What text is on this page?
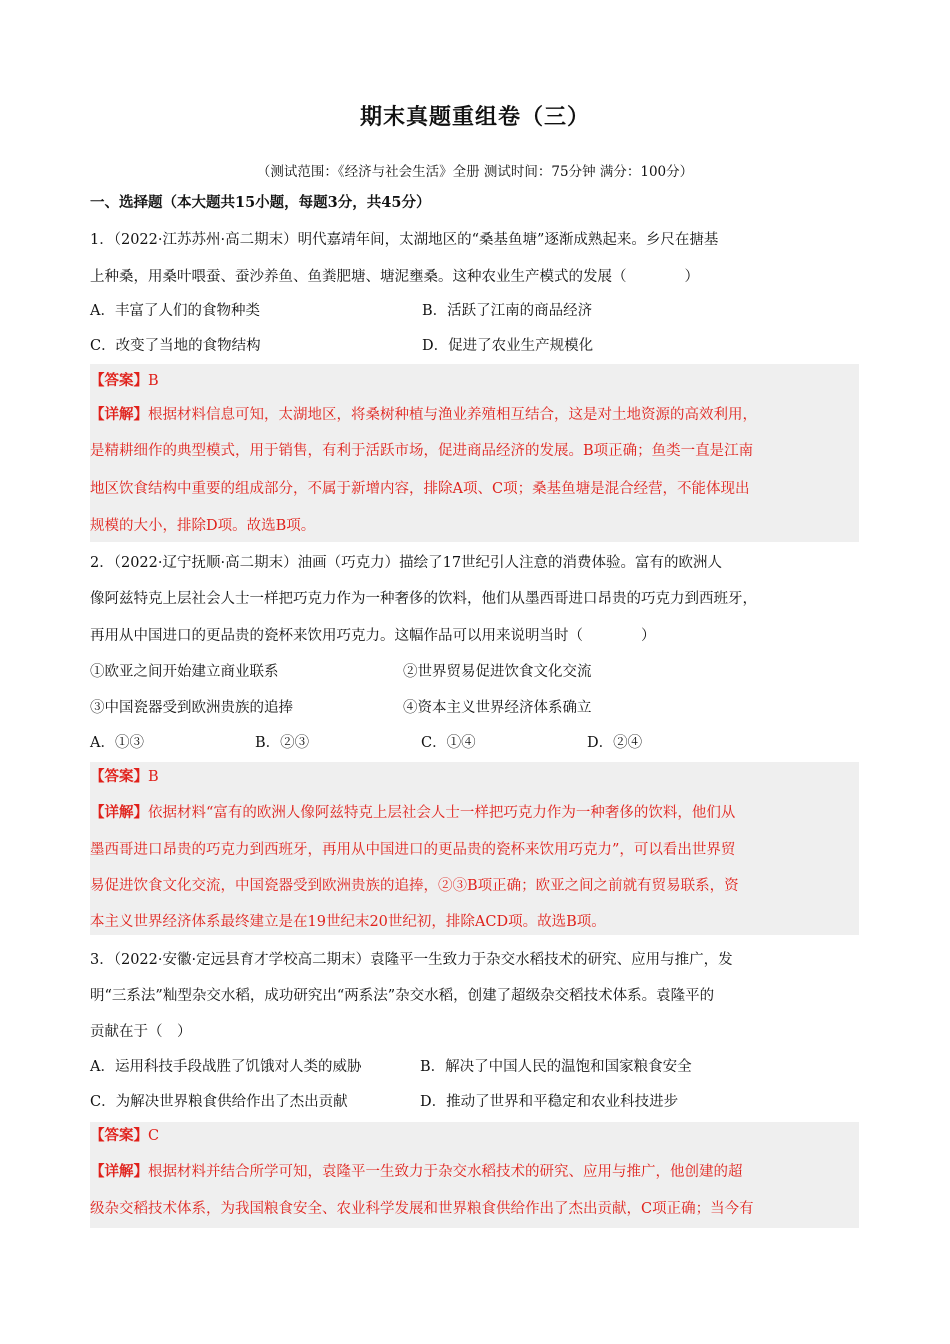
期末真题重组卷（三）
（测试范围：《经济与社会生活》全册 测试时间：75分钟 满分：100分）
一、选择题（本大题共15小题，每题3分，共45分）
1．（2022·江苏苏州·高二期末）明代嘉靖年间，太湖地区的“桑基鱼塘”逐渐成熟起来。乡尺在搪基
上种桑，用桑叶喂蚕、蚕沙养鱼、鱼粪肥塘、塘泥壅桑。这种农业生产模式的发展（　　　　）
A．丰富了人们的食物种类	B．活跃了江南的商品经济
C．改变了当地的食物结构	D．促进了农业生产规模化
【答案】B
【详解】根据材料信息可知，太湖地区，将桑树种植与渔业养殖相互结合，这是对土地资源的高效利用，
是精耕细作的典型模式，用于销售，有利于活跃市场，促进商品经济的发展。B项正确；鱼类一直是江南
地区饮食结构中重要的组成部分，不属于新增内容，排除A项、C项；桑基鱼塘是混合经营，不能体现出
规模的大小，排除D项。故选B项。
2．（2022·辽宁抚顺·高二期末）油画（巧克力）描绘了17世纪引人注意的消费体验。富有的欧洲人
像阿兹特克上层社会人士一样把巧克力作为一种奢侈的饮料，他们从墨西哥进口昂贵的巧克力到西班牙，
再用从中国进口的更品贵的瓷杯来饮用巧克力。这幅作品可以用来说明当时（　　　　）
①欧亚之间开始建立商业联系	②世界贸易促进饮食文化交流
③中国瓷器受到欧洲贵族的追捧	④资本主义世界经济体系确立
A．①③	B．②③	C．①④	D．②④
【答案】B
【详解】依据材料“富有的欧洲人像阿兹特克上层社会人士一样把巧克力作为一种奢侈的饮料，他们从
墨西哥进口昂贵的巧克力到西班牙，再用从中国进口的更品贵的瓷杯来饮用巧克力”，可以看出世界贸
易促进饮食文化交流，中国瓷器受到欧洲贵族的追捧，②③B项正确；欧亚之间之前就有贸易联系，资
本主义世界经济体系最终建立是在19世纪末20世纪初，排除ACD项。故选B项。
3．（2022·安徽·定远县育才学校高二期末）袁隆平一生致力于杂交水稻技术的研究、应用与推广，发
明“三系法”籼型杂交水稻，成功研究出“两系法”杂交水稻，创建了超级杂交稻技术体系。袁隆平的
贡献在于（　）
A．运用科技手段战胜了饥饿对人类的威胁	B．解决了中国人民的温饱和国家粮食安全
C．为解决世界粮食供给作出了杰出贡献	D．推动了世界和平稳定和农业科技进步
【答案】C
【详解】根据材料并结合所学可知，袁隆平一生致力于杂交水稻技术的研究、应用与推广，他创建的超
级杂交稻技术体系，为我国粮食安全、农业科学发展和世界粮食供给作出了杰出贡献，C项正确；当今有
